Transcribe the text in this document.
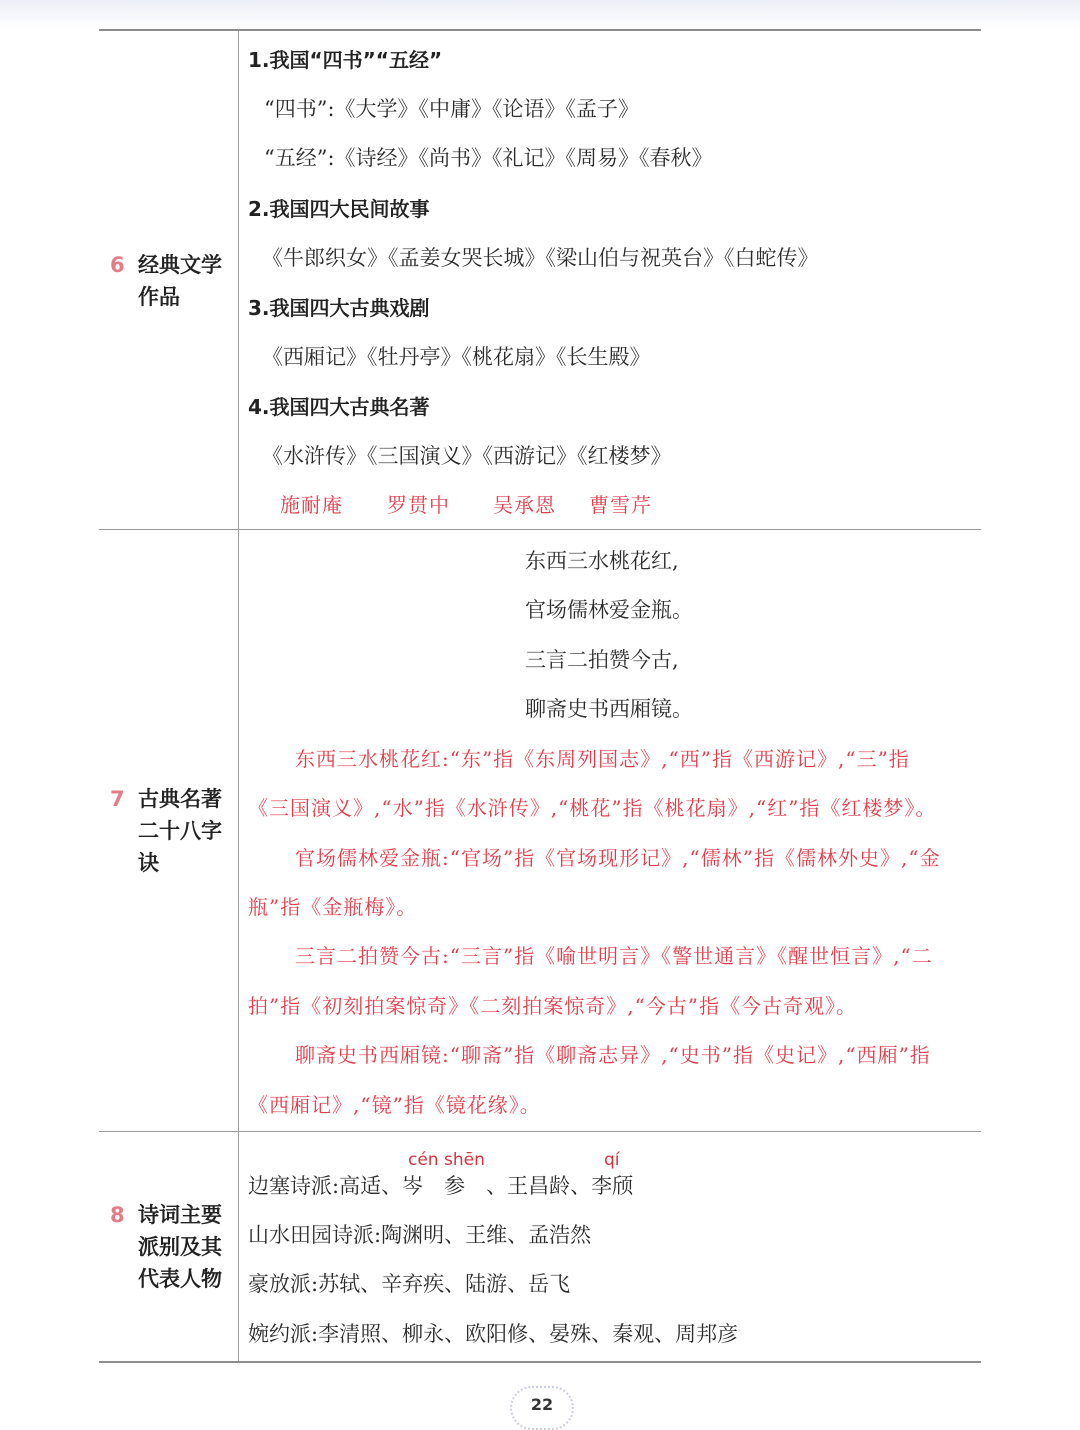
6 经典文学作品
1.我国“四书”“五经”
“四书”:《大学》《中庸》《论语》《孟子》
“五经”:《诗经》《尚书》《礼记》《周易》《春秋》
2.我国四大民间故事
《牛郎织女》《孟姜女哭长城》《梁山伯与祝英台》《白蛇传》
3.我国四大古典戏剧
《西厢记》《牡丹亭》《桃花扇》《长生殿》
4.我国四大古典名著
《水浒传》《三国演义》《西游记》《红楼梦》
施耐庵 罗贯中 吴承恩 曹雪芹
7 古典名著二十八字诀
东西三水桃花红,
官场儒林爱金瓶。
三言二拍赞今古,
聊斋史书西厢镜。
东西三水桃花红:“东”指《东周列国志》,“西”指《西游记》,“三”指
《三国演义》,“水”指《水浒传》,“桃花”指《桃花扇》,“红”指《红楼梦》。
官场儒林爱金瓶:“官场”指《官场现形记》,“儒林”指《儒林外史》,“金
瓶”指《金瓶梅》。
三言二拍赞今古:“三言”指《喻世明言》《警世通言》《醒世恒言》,“二
拍”指《初刻拍案惊奇》《二刻拍案惊奇》,“今古”指《今古奇观》。
聊斋史书西厢镜:“聊斋”指《聊斋志异》,“史书”指《史记》,“西厢”指
《西厢记》,“镜”指《镜花缘》。
8 诗词主要派别及其代表人物
cén shēn	qí
边塞诗派:高适、岑　参　、王昌龄、李颀
山水田园诗派:陶渊明、王维、孟浩然
豪放派:苏轼、辛弃疾、陆游、岳飞
婉约派:李清照、柳永、欧阳修、晏殊、秦观、周邦彦
22
